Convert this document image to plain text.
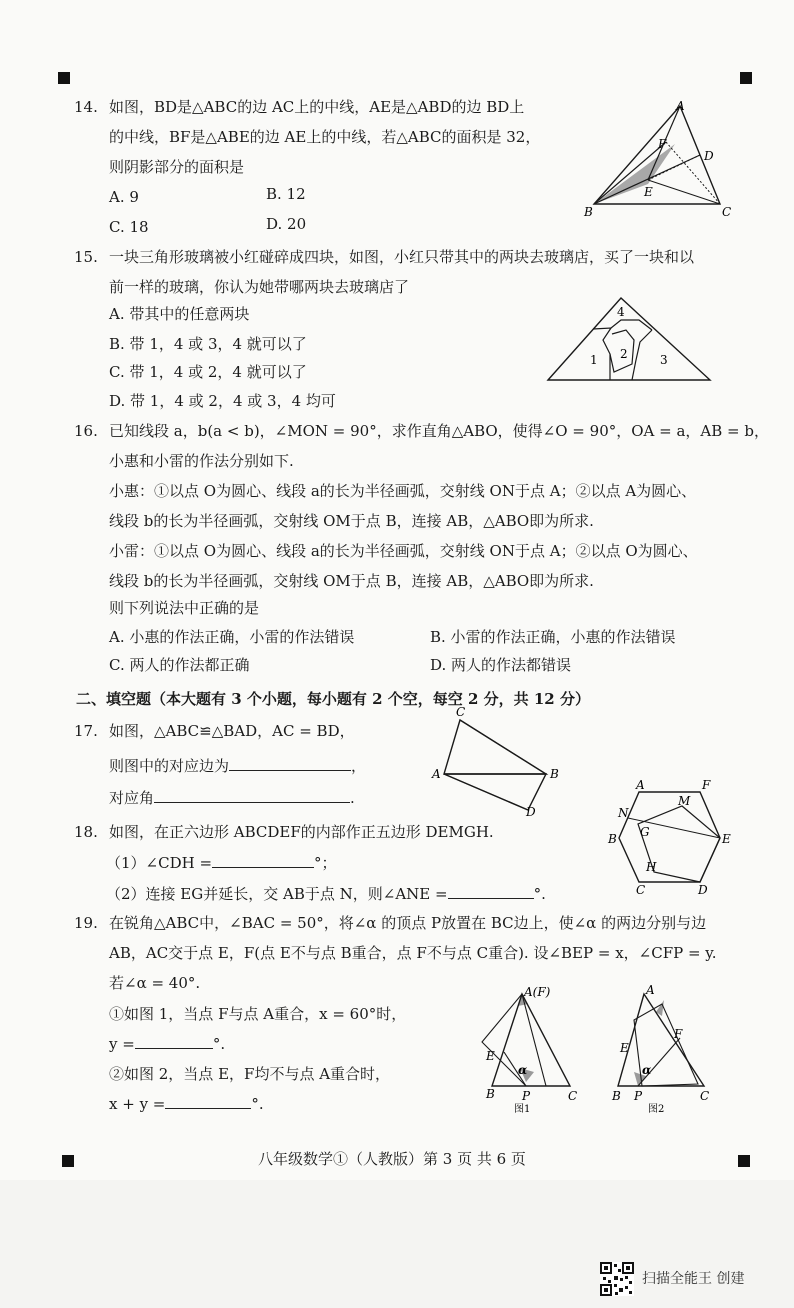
14. 如图，BD是△ABC的边 AC上的中线，AE是△ABD的边 BD上
的中线，BF是△ABE的边 AE上的中线，若△ABC的面积是 32，
则阴影部分的面积是
A. 9	B. 12
C. 18	D. 20
A
B	C
D
E
F
15. 一块三角形玻璃被小红碰碎成四块，如图，小红只带其中的两块去玻璃店，买了一块和以
前一样的玻璃，你认为她带哪两块去玻璃店了
A. 带其中的任意两块
B. 带 1，4 或 3，4 就可以了
C. 带 1，4 或 2，4 就可以了
D. 带 1，4 或 2，4 或 3，4 均可
1 2	3
4
16. 已知线段 a，b(a < b)，∠MON = 90°，求作直角△ABO，使得∠O = 90°，OA = a，AB = b，
小惠和小雷的作法分别如下.
小惠：①以点 O为圆心、线段 a的长为半径画弧，交射线 ON于点 A；②以点 A为圆心、
线段 b的长为半径画弧，交射线 OM于点 B，连接 AB，△ABO即为所求.
小雷：①以点 O为圆心、线段 a的长为半径画弧，交射线 ON于点 A；②以点 O为圆心、
线段 b的长为半径画弧，交射线 OM于点 B，连接 AB，△ABO即为所求.
则下列说法中正确的是
A. 小惠的作法正确，小雷的作法错误	B. 小雷的作法正确，小惠的作法错误
C. 两人的作法都正确	D. 两人的作法都错误
二、填空题（本大题有 3 个小题，每小题有 2 个空，每空 2 分，共 12 分）
17. 如图，△ABC≌△BAD，AC = BD，
则图中的对应边为	，
对应角	.
C
A	B
D
18. 如图，在正六边形 ABCDEF的内部作正五边形 DEMGH.
（1）∠CDH =	°；
（2）连接 EG并延长，交 AB于点 N，则∠ANE =	°.
A	F
M
N
G
B	E
H
C	D
19. 在锐角△ABC中，∠BAC = 50°，将∠α 的顶点 P放置在 BC边上，使∠α 的两边分别与边
AB，AC交于点 E，F(点 E不与点 B重合，点 F不与点 C重合). 设∠BEP = x，∠CFP = y.
若∠α = 40°.
①如图 1，当点 F与点 A重合，x = 60°时，
y =	°.
②如图 2，当点 E，F均不与点 A重合时，
x + y =	°.
A(F)
E
α
B P	C
图1
A
E
F
α
B P	C
图2
八年级数学①（人教版）第 3 页 共 6 页
扫描全能王 创建
